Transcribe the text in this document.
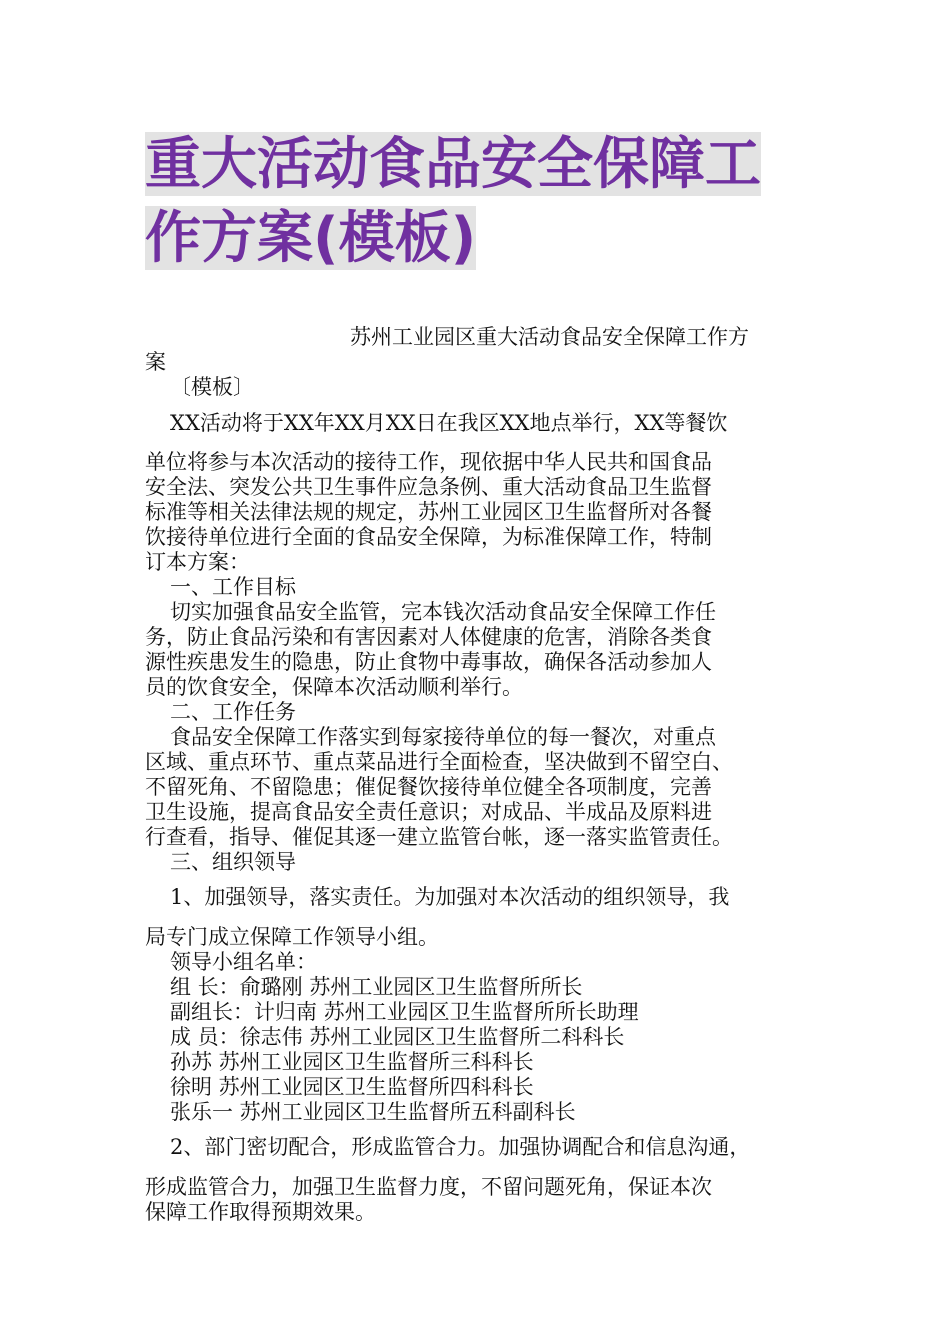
重大活动食品安全保障工
作方案(模板)
苏州工业园区重大活动食品安全保障工作方
案
〔模板〕
XX活动将于XX年XX月XX日在我区XX地点举行，XX等餐饮
单位将参与本次活动的接待工作，现依据中华人民共和国食品
安全法、突发公共卫生事件应急条例、重大活动食品卫生监督
标准等相关法律法规的规定，苏州工业园区卫生监督所对各餐
饮接待单位进行全面的食品安全保障，为标准保障工作，特制
订本方案：
一、工作目标
切实加强食品安全监管，完本钱次活动食品安全保障工作任
务，防止食品污染和有害因素对人体健康的危害，消除各类食
源性疾患发生的隐患，防止食物中毒事故，确保各活动参加人
员的饮食安全，保障本次活动顺利举行。
二、工作任务
食品安全保障工作落实到每家接待单位的每一餐次，对重点
区域、重点环节、重点菜品进行全面检查，坚决做到不留空白、
不留死角、不留隐患；催促餐饮接待单位健全各项制度，完善
卫生设施，提高食品安全责任意识；对成品、半成品及原料进
行查看，指导、催促其逐一建立监管台帐，逐一落实监管责任。
三、组织领导
1、加强领导，落实责任。为加强对本次活动的组织领导，我
局专门成立保障工作领导小组。
领导小组名单：
组 长：俞璐刚 苏州工业园区卫生监督所所长
副组长：计归南 苏州工业园区卫生监督所所长助理
成 员：徐志伟 苏州工业园区卫生监督所二科科长
孙苏 苏州工业园区卫生监督所三科科长
徐明 苏州工业园区卫生监督所四科科长
张乐一 苏州工业园区卫生监督所五科副科长
2、部门密切配合，形成监管合力。加强协调配合和信息沟通，
形成监管合力，加强卫生监督力度，不留问题死角，保证本次
保障工作取得预期效果。
